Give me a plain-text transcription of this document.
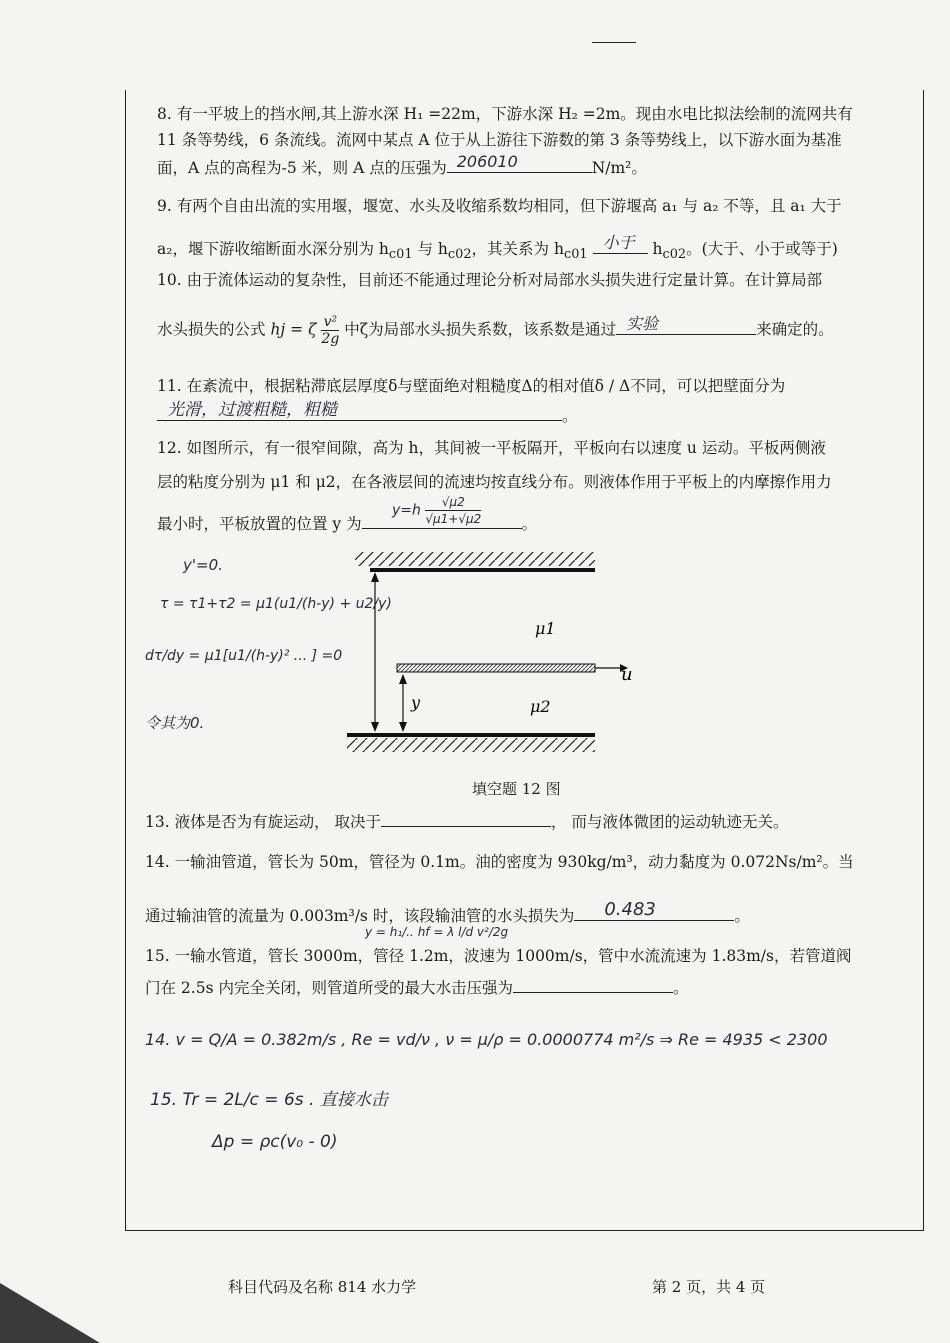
8. 有一平坡上的挡水闸,其上游水深 H₁ =22m，下游水深 H₂ =2m。现由水电比拟法绘制的流网共有
11 条等势线，6 条流线。流网中某点 A 位于从上游往下游数的第 3 条等势线上，以下游水面为基准
面，A 点的高程为-5 米，则 A 点的压强为 206010	N/m²。
9. 有两个自由出流的实用堰，堰宽、水头及收缩系数均相同，但下游堰高 a₁ 与 a₂ 不等，且 a₁ 大于
a₂，堰下游收缩断面水深分别为 $h_{c01}$ 与 $h_{c02}$，其关系为 $h_{c01}$
小于 $h_{c02}$。(大于、小于或等于)
10. 由于流体运动的复杂性，目前还不能通过理论分析对局部水头损失进行定量计算。在计算局部
水头损失的公式 hj = ζ $\frac{\text{v²}}{2g}$ 中ζ为局部水头损失系数，该系数是通过 实验	来确定的。
11. 在紊流中，根据粘滞底层厚度δ与壁面绝对粗糙度Δ的相对值δ / Δ不同，可以把壁面分为
光滑，过渡粗糙，粗糙	。
12. 如图所示，有一很窄间隙，高为 h，其间被一平板隔开，平板向右以速度 u 运动。平板两侧液
层的粘度分别为 μ1 和 μ2，在各液层间的流速均按直线分布。则液体作用于平板上的内摩擦作用力
最小时，平板放置的位置 y 为	。
$y=h \frac{√\mu 2}{√\mu 1+√\mu 2}$
μ1
μ2
u
y
y'=0.
τ = τ1+τ2 = μ1(u1/(h-y) + u2/y)
dτ/dy = μ1[u1/(h-y)² ... ] =0
令其为0.
填空题 12 图
13. 液体是否为有旋运动， 取决于	， 而与液体微团的运动轨迹无关。
14. 一输油管道，管长为 50m，管径为 0.1m。油的密度为 930kg/m³，动力黏度为 0.072Ns/m²。当
通过输油管的流量为 0.003m³/s 时，该段输油管的水头损失为 0.483	。
15. 一输水管道，管长 3000m，管径 1.2m，波速为 1000m/s，管中水流流速为 1.83m/s，若管道阀
y = h₁/.. hf = λ l/d v²/2g
门在 2.5s 内完全关闭，则管道所受的最大水击压强为	。
14. v = Q/A = 0.382m/s , Re = vd/ν , ν = μ/ρ = 0.0000774 m²/s ⇒ Re = 4935 < 2300
15. Tr = 2L/c = 6s . 直接水击
Δp = ρc(v₀ - 0)
科目代码及名称 814 水力学	第 2 页，共 4 页
